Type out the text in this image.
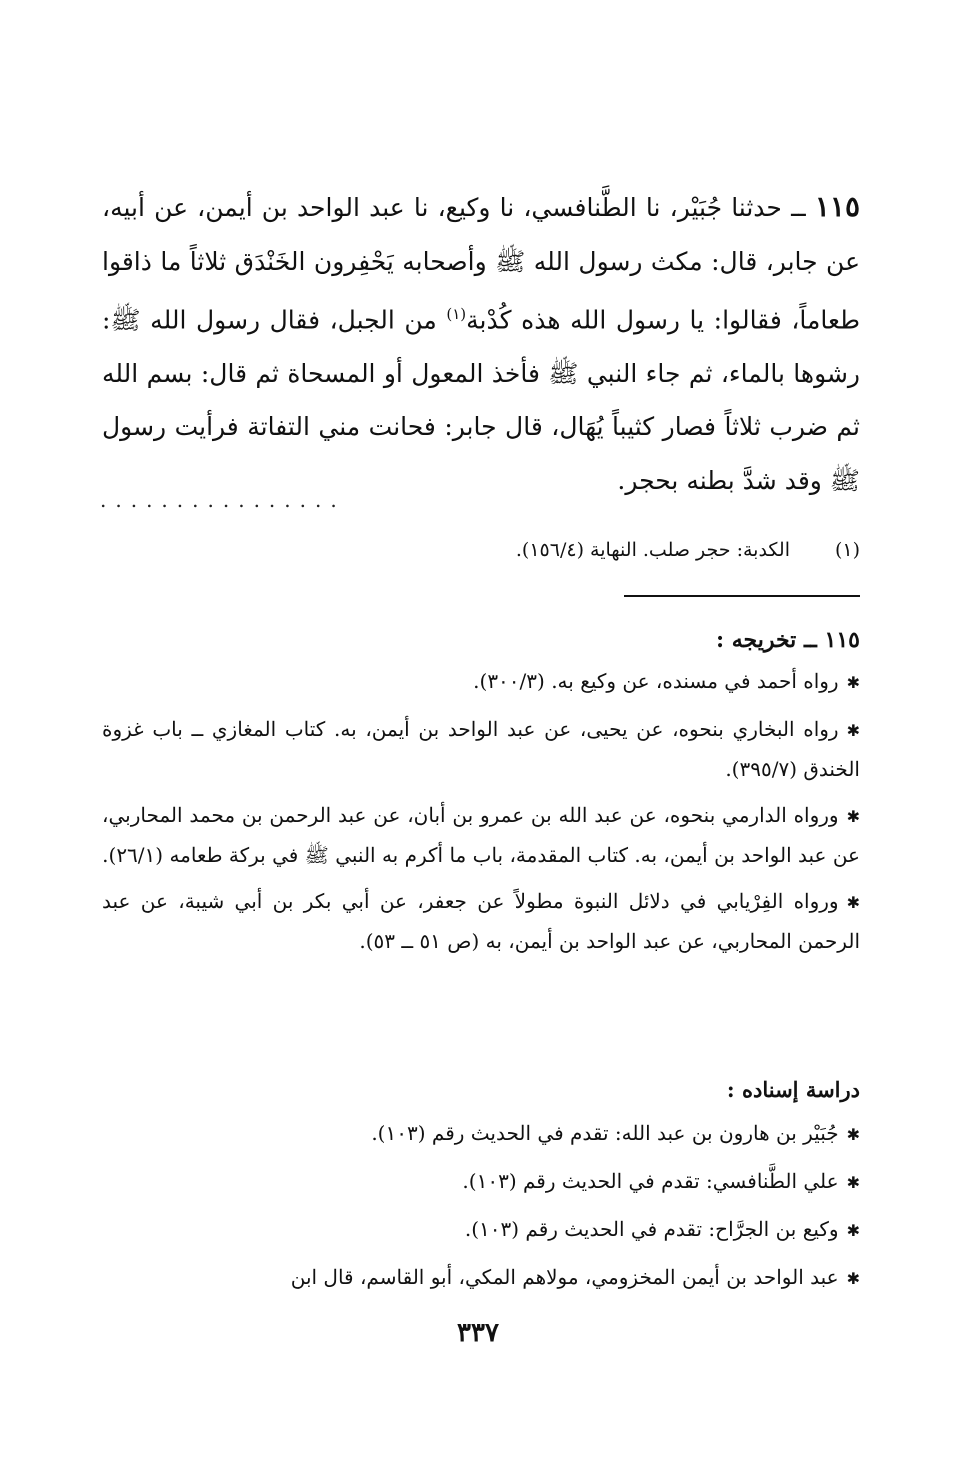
١١٥ ــ حدثنا جُبَيْر، نا الطَّنافسي، نا وكيع، نا عبد الواحد بن أيمن، عن أبيه، عن جابر، قال: مكث رسول الله ﷺ وأصحابه يَحْفِرون الخَنْدَق ثلاثاً ما ذاقوا طعاماً، فقالوا: يا رسول الله هذه كُدْبة$^{(١)}$ من الجبل، فقال رسول الله ﷺ: رشوها بالماء، ثم جاء النبي ﷺ فأخذ المعول أو المسحاة ثم قال: بسم الله ثم ضرب ثلاثاً فصار كثيباً يُهَال، قال جابر: فحانت مني التفاتة فرأيت رسول ﷺ وقد شدَّ بطنه بحجر.
................
(١)
الكدبة: حجر صلب. النهاية (١٥٦/٤).
١١٥ ــ تخريجه :
✱رواه أحمد في مسنده، عن وكيع به. (٣٠٠/٣).
✱رواه البخاري بنحوه، عن يحيى، عن عبد الواحد بن أيمن، به. كتاب المغازي ــ باب غزوة الخندق (٣٩٥/٧).
✱ورواه الدارمي بنحوه، عن عبد الله بن عمرو بن أبان، عن عبد الرحمن بن محمد المحاربي، عن عبد الواحد بن أيمن، به. كتاب المقدمة، باب ما أكرم به النبي ﷺ في بركة طعامه (٢٦/١).
✱ورواه الفِرْيابي في دلائل النبوة مطولاً عن جعفر، عن أبي بكر بن أبي شيبة، عن عبد الرحمن المحاربي، عن عبد الواحد بن أيمن، به (ص ٥١ ــ ٥٣).
دراسة إسناده :
✱جُبَيْر بن هارون بن عبد الله: تقدم في الحديث رقم (١٠٣).
✱علي الطَّنافسي: تقدم في الحديث رقم (١٠٣).
✱وكيع بن الجرَّاح: تقدم في الحديث رقم (١٠٣).
✱عبد الواحد بن أيمن المخزومي، مولاهم المكي، أبو القاسم، قال ابن
٣٣٧
